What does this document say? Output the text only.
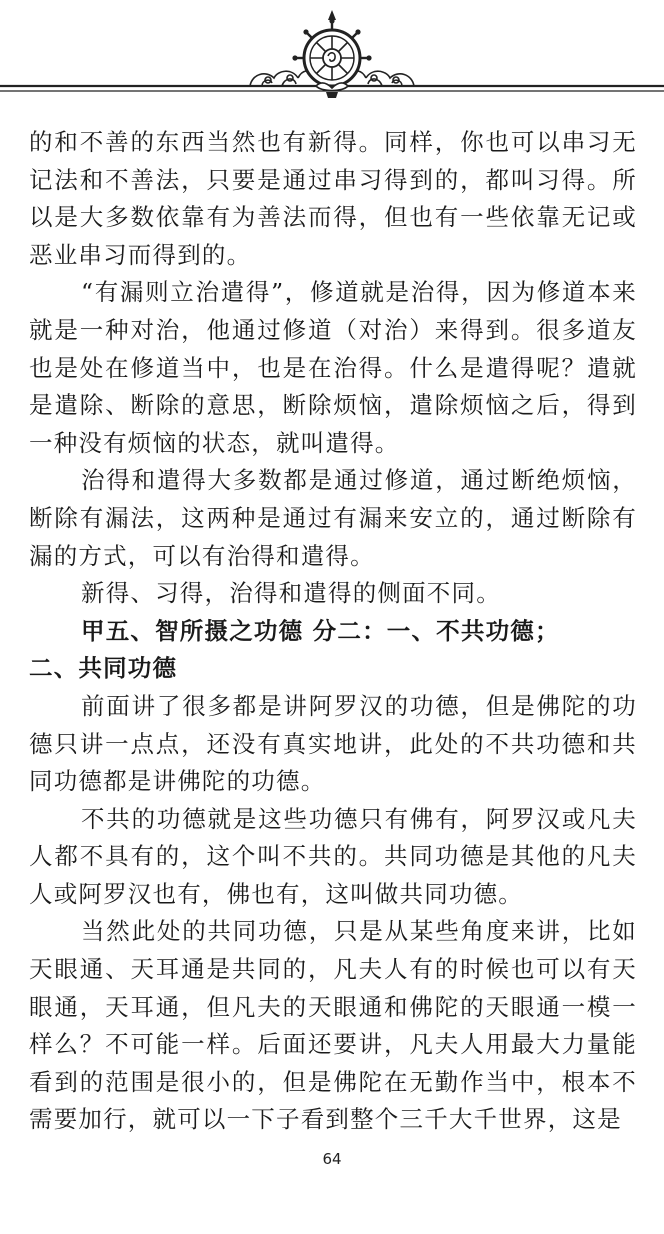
的和不善的东西当然也有新得。同样，你也可以串习无记法和不善法，只要是通过串习得到的，都叫习得。所以是大多数依靠有为善法而得，但也有一些依靠无记或恶业串习而得到的。

“有漏则立治遣得”，修道就是治得，因为修道本来就是一种对治，他通过修道（对治）来得到。很多道友也是处在修道当中，也是在治得。什么是遣得呢？遣就是遣除、断除的意思，断除烦恼，遣除烦恼之后，得到一种没有烦恼的状态，就叫遣得。

治得和遣得大多数都是通过修道，通过断绝烦恼，断除有漏法，这两种是通过有漏来安立的，通过断除有漏的方式，可以有治得和遣得。

新得、习得，治得和遣得的侧面不同。

甲五、智所摄之功德 分二：一、不共功德；

二、共同功德

前面讲了很多都是讲阿罗汉的功德，但是佛陀的功德只讲一点点，还没有真实地讲，此处的不共功德和共同功德都是讲佛陀的功德。

不共的功德就是这些功德只有佛有，阿罗汉或凡夫人都不具有的，这个叫不共的。共同功德是其他的凡夫人或阿罗汉也有，佛也有，这叫做共同功德。

当然此处的共同功德，只是从某些角度来讲，比如天眼通、天耳通是共同的，凡夫人有的时候也可以有天眼通，天耳通，但凡夫的天眼通和佛陀的天眼通一模一样么？不可能一样。后面还要讲，凡夫人用最大力量能看到的范围是很小的，但是佛陀在无勤作当中，根本不需要加行，就可以一下子看到整个三千大千世界，这是

64
